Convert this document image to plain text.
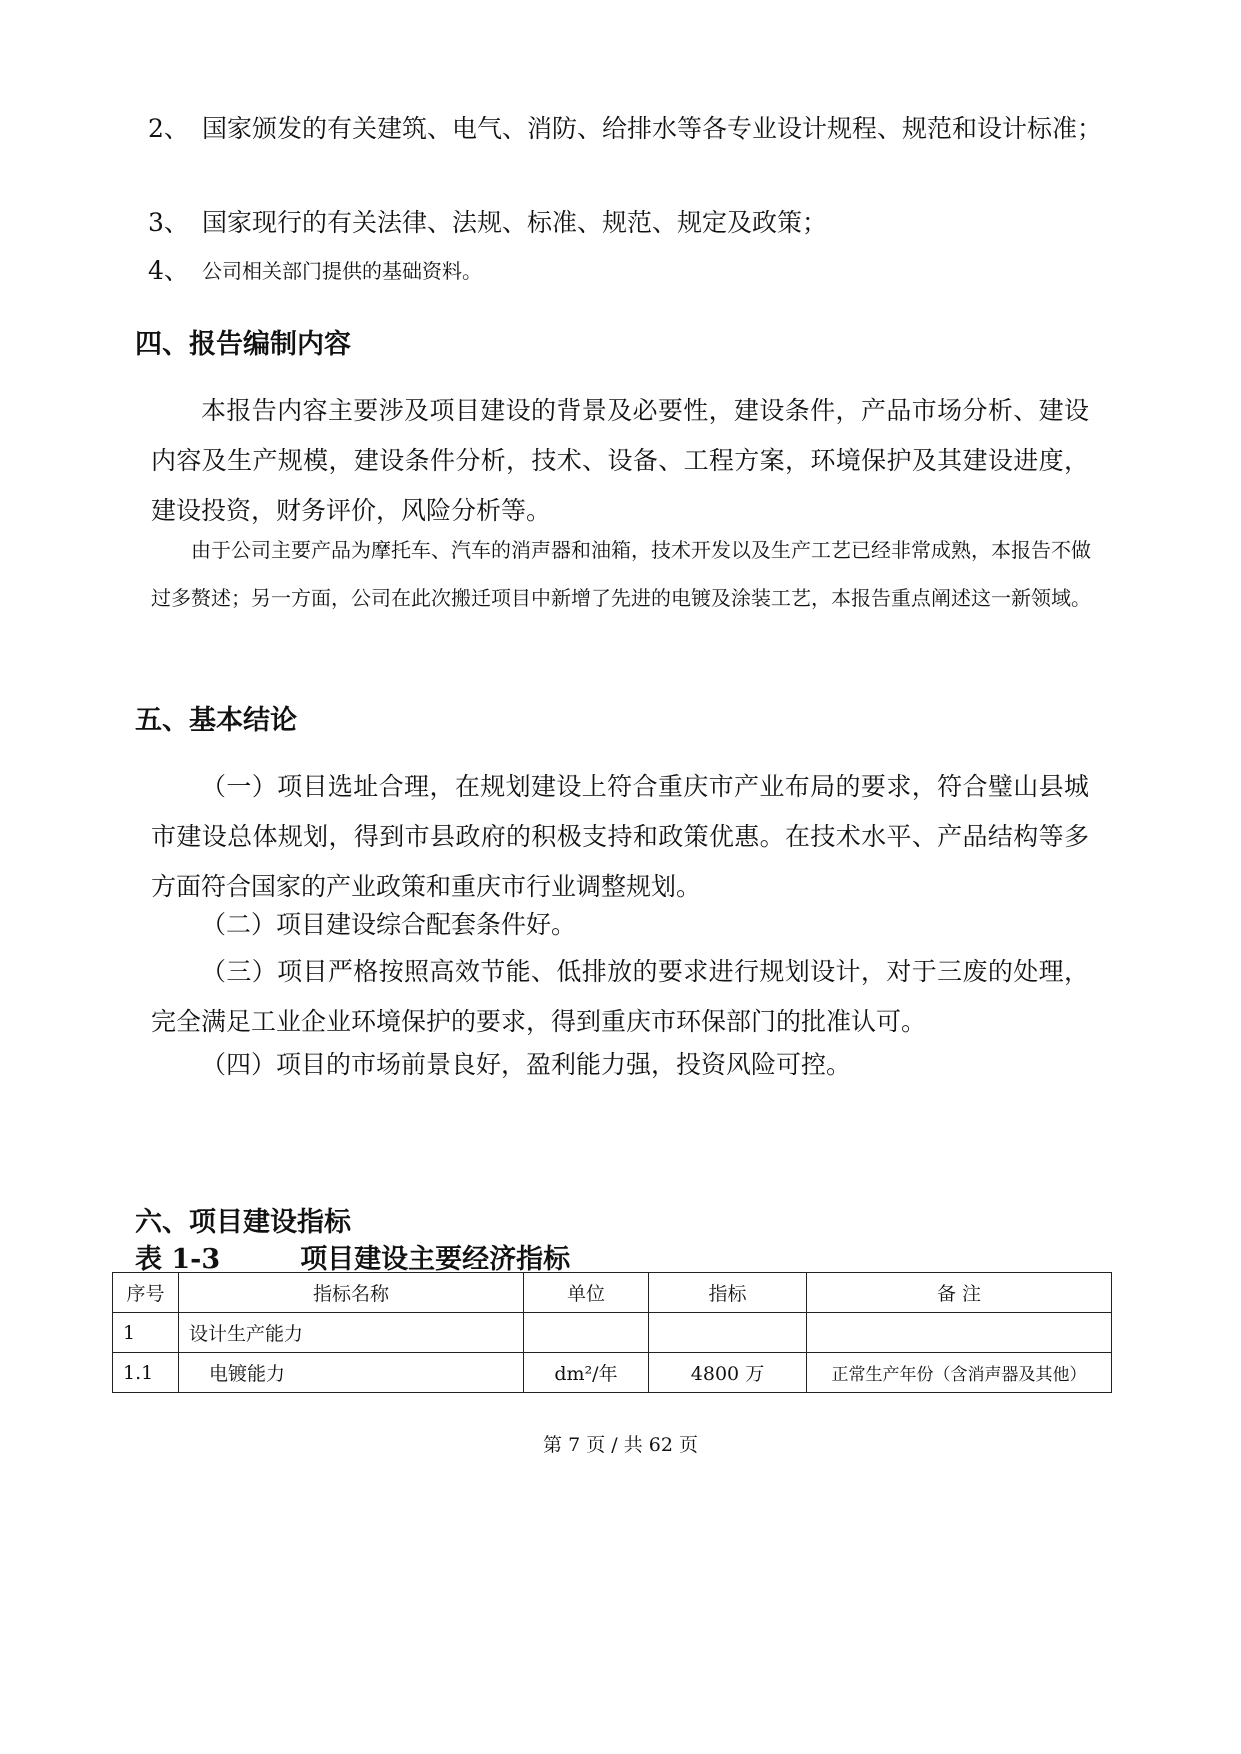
2、 国家颁发的有关建筑、电气、消防、给排水等各专业设计规程、规范和设计标准；
3、 国家现行的有关法律、法规、标准、规范、规定及政策；
4、 公司相关部门提供的基础资料。
四、报告编制内容
本报告内容主要涉及项目建设的背景及必要性，建设条件，产品市场分析、建设内容及生产规模，建设条件分析，技术、设备、工程方案，环境保护及其建设进度，建设投资，财务评价，风险分析等。
由于公司主要产品为摩托车、汽车的消声器和油箱，技术开发以及生产工艺已经非常成熟，本报告不做过多赘述；另一方面，公司在此次搬迁项目中新增了先进的电镀及涂装工艺，本报告重点阐述这一新领域。
五、基本结论
（一）项目选址合理，在规划建设上符合重庆市产业布局的要求，符合璧山县城市建设总体规划，得到市县政府的积极支持和政策优惠。在技术水平、产品结构等多方面符合国家的产业政策和重庆市行业调整规划。
（二）项目建设综合配套条件好。
（三）项目严格按照高效节能、低排放的要求进行规划设计，对于三废的处理，完全满足工业企业环境保护的要求，得到重庆市环保部门的批准认可。
（四）项目的市场前景良好，盈利能力强，投资风险可控。
六、项目建设指标
表 1-3	项目建设主要经济指标
序号	指标名称	单位	指标	备 注
1	设计生产能力			
1.1	电镀能力	dm²/年	4800 万	正常生产年份（含消声器及其他）
第 7 页 / 共 62 页
